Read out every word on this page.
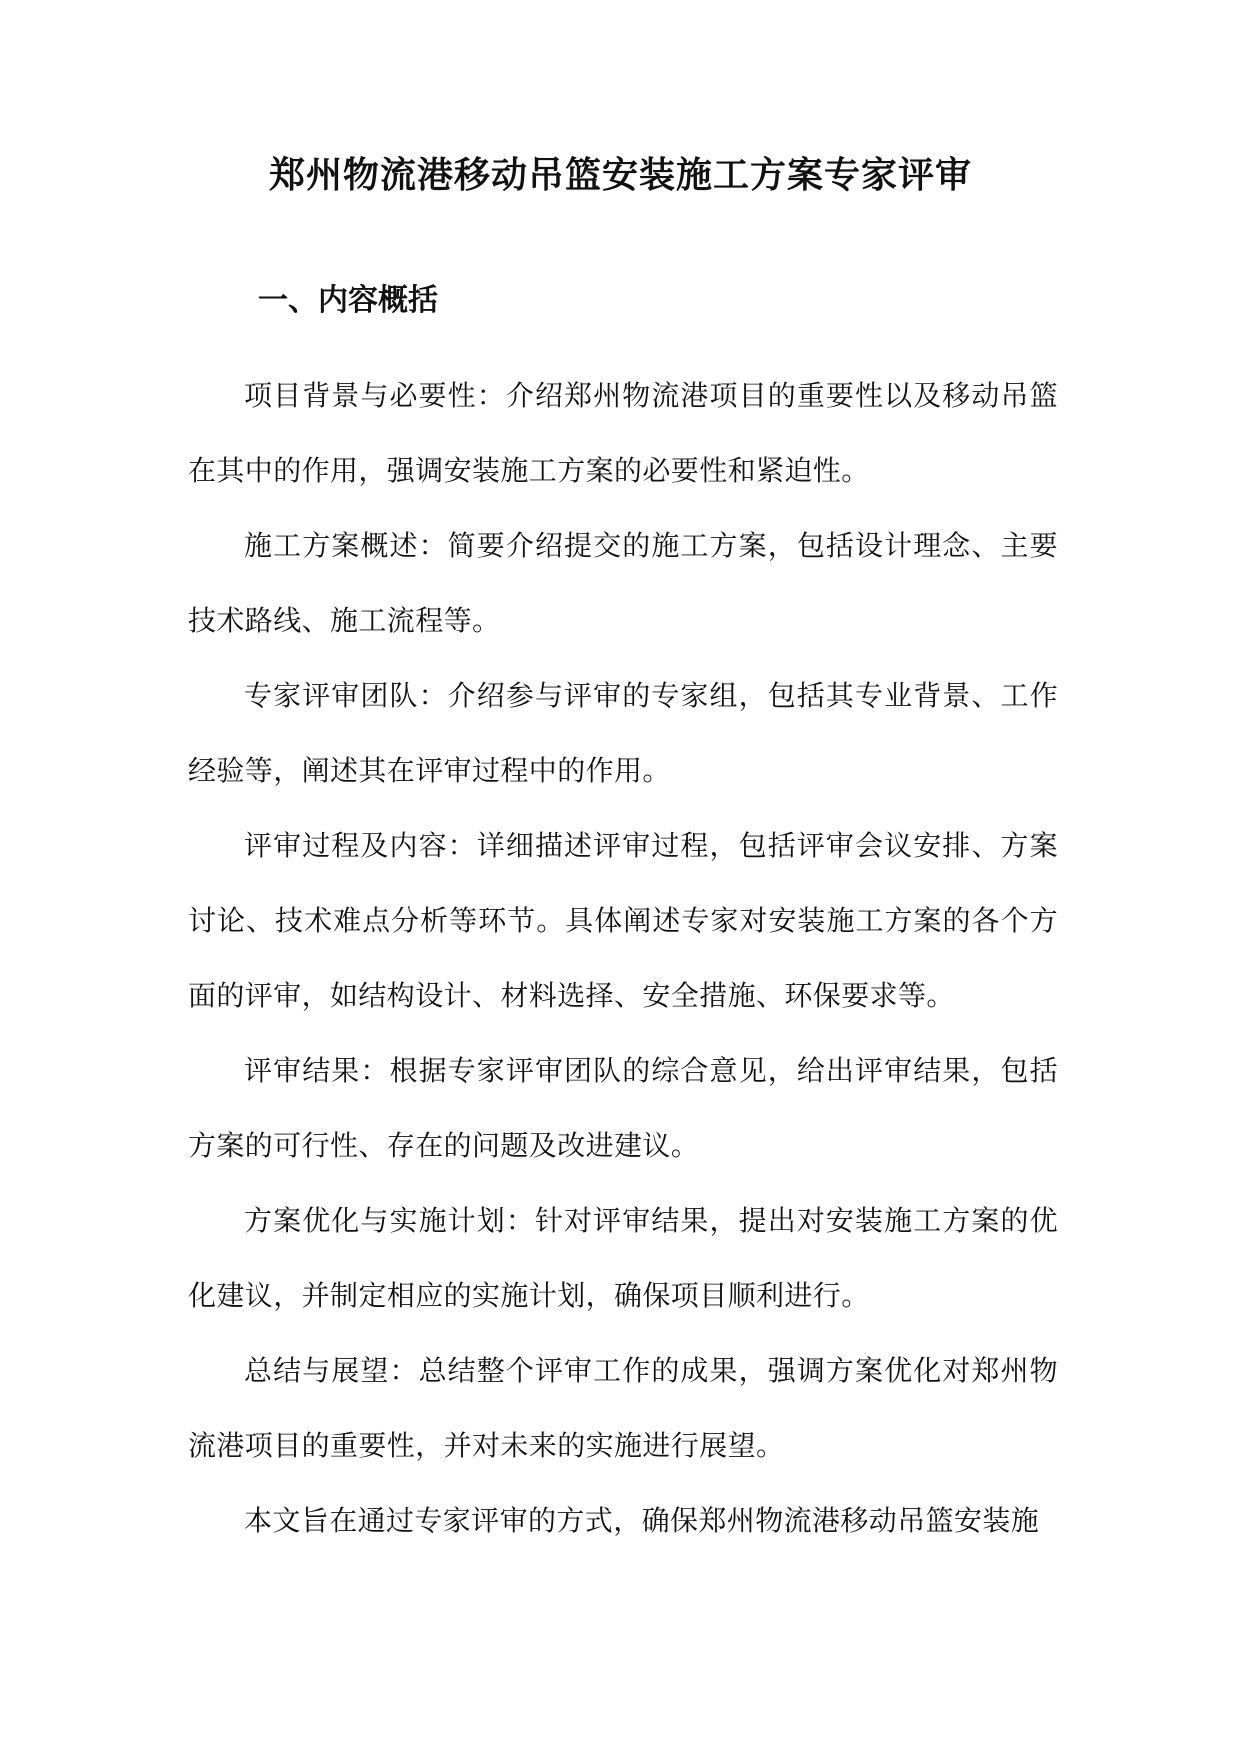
郑州物流港移动吊篮安装施工方案专家评审
一、内容概括

项目背景与必要性：介绍郑州物流港项目的重要性以及移动吊篮在其中的作用，强调安装施工方案的必要性和紧迫性。

施工方案概述：简要介绍提交的施工方案，包括设计理念、主要技术路线、施工流程等。

专家评审团队：介绍参与评审的专家组，包括其专业背景、工作经验等，阐述其在评审过程中的作用。

评审过程及内容：详细描述评审过程，包括评审会议安排、方案讨论、技术难点分析等环节。具体阐述专家对安装施工方案的各个方面的评审，如结构设计、材料选择、安全措施、环保要求等。

评审结果：根据专家评审团队的综合意见，给出评审结果，包括方案的可行性、存在的问题及改进建议。

方案优化与实施计划：针对评审结果，提出对安装施工方案的优化建议，并制定相应的实施计划，确保项目顺利进行。

总结与展望：总结整个评审工作的成果，强调方案优化对郑州物流港项目的重要性，并对未来的实施进行展望。

本文旨在通过专家评审的方式，确保郑州物流港移动吊篮安装施
